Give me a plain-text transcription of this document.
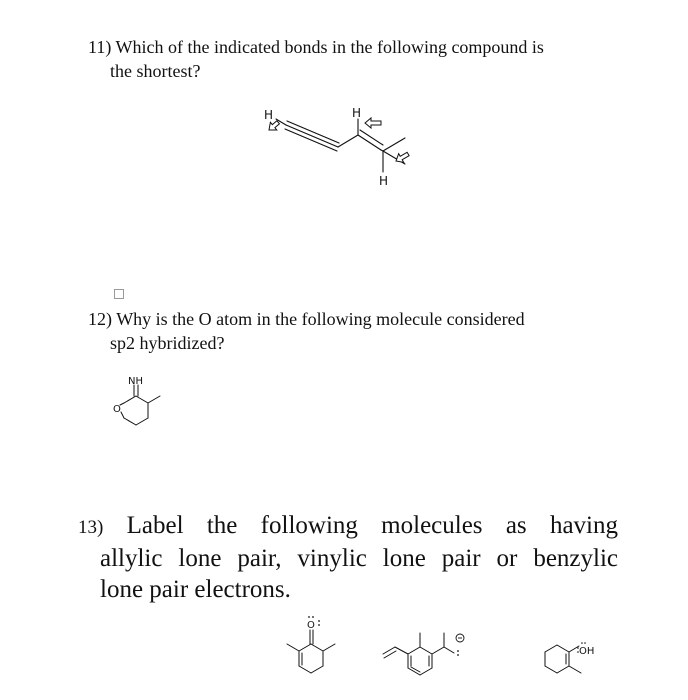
11) Which of the indicated bonds in the following compound is
the shortest?
H	H
H
12) Why is the O atom in the following molecule considered
sp2 hybridized?
NH
O
13) Label the following molecules as having
allylic lone pair, vinylic lone pair or benzylic
lone pair electrons.
O
OH
